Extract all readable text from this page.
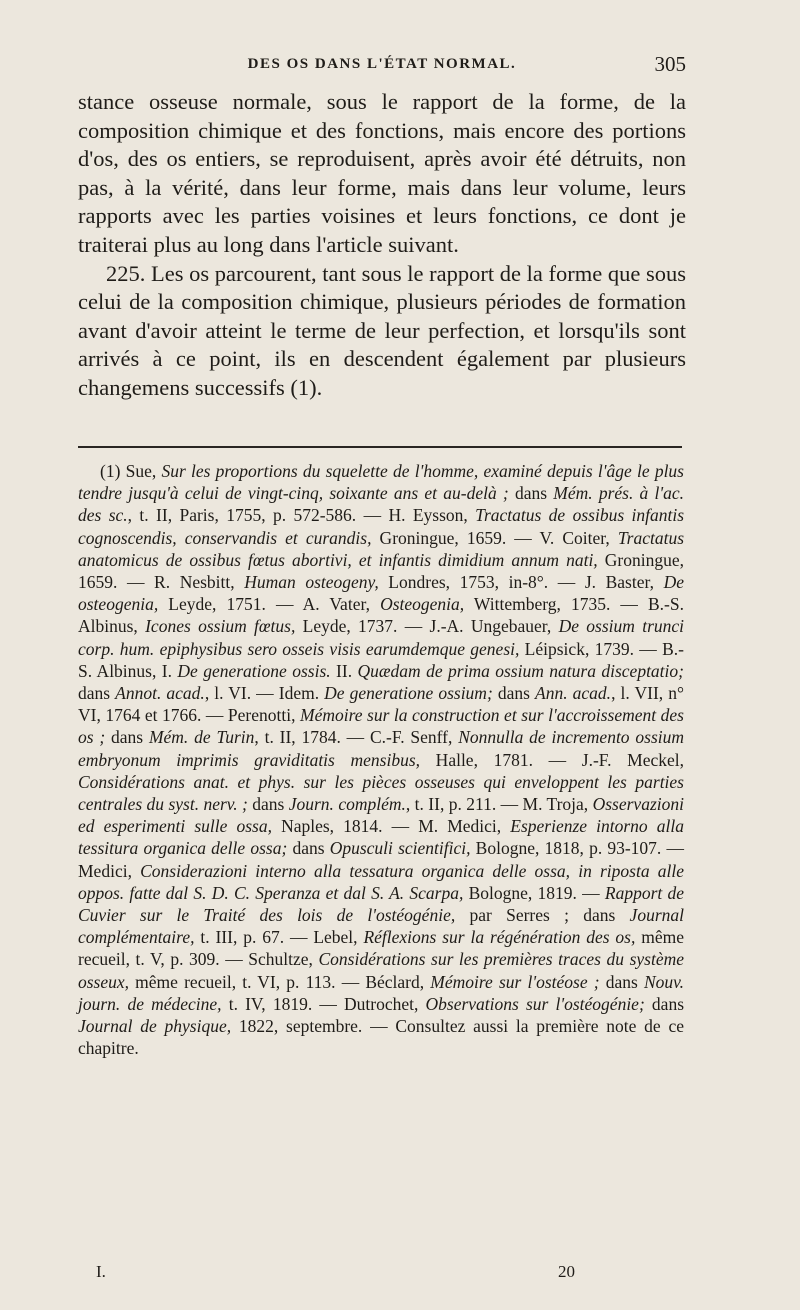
DES OS DANS L'ÉTAT NORMAL.	305

stance osseuse normale, sous le rapport de la forme, de la composition chimique et des fonctions, mais encore des portions d'os, des os entiers, se reproduisent, après avoir été détruits, non pas, à la vérité, dans leur forme, mais dans leur volume, leurs rapports avec les parties voisines et leurs fonctions, ce dont je traiterai plus au long dans l'article suivant.

225. Les os parcourent, tant sous le rapport de la forme que sous celui de la composition chimique, plusieurs périodes de formation avant d'avoir atteint le terme de leur perfection, et lorsqu'ils sont arrivés à ce point, ils en descendent également par plusieurs changemens successifs (1).

(1) Sue, Sur les proportions du squelette de l'homme, examiné depuis l'âge le plus tendre jusqu'à celui de vingt-cinq, soixante ans et au-delà ; dans Mém. prés. à l'ac. des sc., t. II, Paris, 1755, p. 572-586. — H. Eysson, Tractatus de ossibus infantis cognoscendis, conservandis et curandis, Groningue, 1659. — V. Coiter, Tractatus anatomicus de ossibus fœtus abortivi, et infantis dimidium annum nati, Groningue, 1659. — R. Nesbitt, Human osteogeny, Londres, 1753, in-8°. — J. Baster, De osteogenia, Leyde, 1751. — A. Vater, Osteogenia, Wittemberg, 1735. — B.-S. Albinus, Icones ossium fœtus, Leyde, 1737. — J.-A. Ungebauer, De ossium trunci corp. hum. epiphysibus sero osseis visis earumdemque genesi, Léipsick, 1739. — B.-S. Albinus, I. De generatione ossis. II. Quædam de prima ossium natura disceptatio; dans Annot. acad., l. VI. — Idem. De generatione ossium; dans Ann. acad., l. VII, n° VI, 1764 et 1766. — Perenotti, Mémoire sur la construction et sur l'accroissement des os ; dans Mém. de Turin, t. II, 1784. — C.-F. Senff, Nonnulla de incremento ossium embryonum imprimis graviditatis mensibus, Halle, 1781. — J.-F. Meckel, Considérations anat. et phys. sur les pièces osseuses qui enveloppent les parties centrales du syst. nerv. ; dans Journ. complém., t. II, p. 211. — M. Troja, Osservazioni ed esperimenti sulle ossa, Naples, 1814. — M. Medici, Esperienze intorno alla tessitura organica delle ossa; dans Opusculi scientifici, Bologne, 1818, p. 93-107. — Medici, Considerazioni interno alla tessatura organica delle ossa, in riposta alle oppos. fatte dal S. D. C. Speranza et dal S. A. Scarpa, Bologne, 1819. — Rapport de Cuvier sur le Traité des lois de l'ostéogénie, par Serres ; dans Journal complémentaire, t. III, p. 67. — Lebel, Réflexions sur la régénération des os, même recueil, t. V, p. 309. — Schultze, Considérations sur les premières traces du système osseux, même recueil, t. VI, p. 113. — Béclard, Mémoire sur l'ostéose ; dans Nouv. journ. de médecine, t. IV, 1819. — Dutrochet, Observations sur l'ostéogénie; dans Journal de physique, 1822, septembre. — Consultez aussi la première note de ce chapitre.

I.	20
